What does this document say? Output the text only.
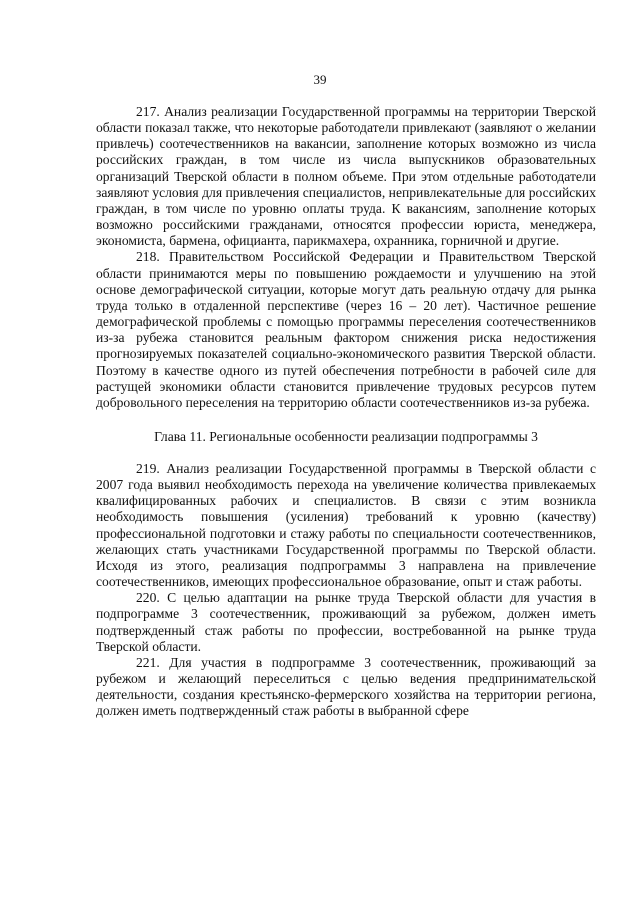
39

217. Анализ реализации Государственной программы на территории Тверской области показал также, что некоторые работодатели привлекают (заявляют о желании привлечь) соотечественников на вакансии, заполнение которых возможно из числа российских граждан, в том числе из числа выпускников образовательных организаций Тверской области в полном объеме. При этом отдельные работодатели заявляют условия для привлечения специалистов, непривлекательные для российских граждан, в том числе по уровню оплаты труда. К вакансиям, заполнение которых возможно российскими гражданами, относятся профессии юриста, менеджера, экономиста, бармена, официанта, парикмахера, охранника, горничной и другие.

218. Правительством Российской Федерации и Правительством Тверской области принимаются меры по повышению рождаемости и улучшению на этой основе демографической ситуации, которые могут дать реальную отдачу для рынка труда только в отдаленной перспективе (через 16 – 20 лет). Частичное решение демографической проблемы с помощью программы переселения соотечественников из-за рубежа становится реальным фактором снижения риска недостижения прогнозируемых показателей социально-экономического развития Тверской области. Поэтому в качестве одного из путей обеспечения потребности в рабочей силе для растущей экономики области становится привлечение трудовых ресурсов путем добровольного переселения на территорию области соотечественников из-за рубежа.

Глава 11. Региональные особенности реализации подпрограммы 3

219. Анализ реализации Государственной программы в Тверской области с 2007 года выявил необходимость перехода на увеличение количества привлекаемых квалифицированных рабочих и специалистов. В связи с этим возникла необходимость повышения (усиления) требований к уровню (качеству) профессиональной подготовки и стажу работы по специальности соотечественников, желающих стать участниками Государственной программы по Тверской области. Исходя из этого, реализация подпрограммы 3 направлена на привлечение соотечественников, имеющих профессиональное образование, опыт и стаж работы.

220. С целью адаптации на рынке труда Тверской области для участия в подпрограмме 3 соотечественник, проживающий за рубежом, должен иметь подтвержденный стаж работы по профессии, востребованной на рынке труда Тверской области.

221. Для участия в подпрограмме 3 соотечественник, проживающий за рубежом и желающий переселиться с целью ведения предпринимательской деятельности, создания крестьянско-фермерского хозяйства на территории региона, должен иметь подтвержденный стаж работы в выбранной сфере
